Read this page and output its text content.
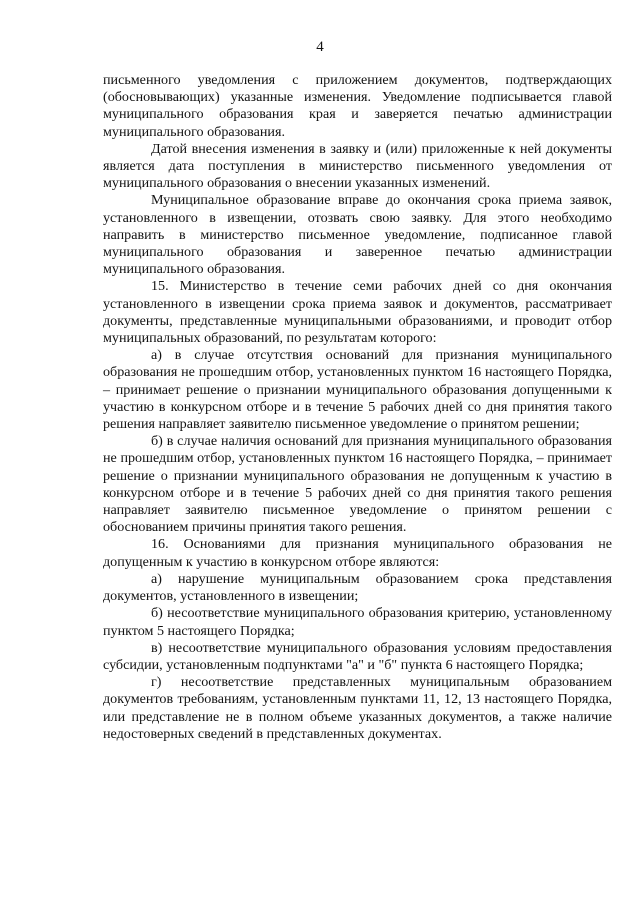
4

письменного уведомления с приложением документов, подтверждающих (обосновывающих) указанные изменения. Уведомление подписывается главой муниципального образования края и заверяется печатью администрации муниципального образования.

Датой внесения изменения в заявку и (или) приложенные к ней документы является дата поступления в министерство письменного уведомления от муниципального образования о внесении указанных изменений.

Муниципальное образование вправе до окончания срока приема заявок, установленного в извещении, отозвать свою заявку. Для этого необходимо направить в министерство письменное уведомление, подписанное главой муниципального образования и заверенное печатью администрации муниципального образования.

15. Министерство в течение семи рабочих дней со дня окончания установленного в извещении срока приема заявок и документов, рассматривает документы, представленные муниципальными образованиями, и проводит отбор муниципальных образований, по результатам которого:

а) в случае отсутствия оснований для признания муниципального образования не прошедшим отбор, установленных пунктом 16 настоящего Порядка, – принимает решение о признании муниципального образования допущенными к участию в конкурсном отборе и в течение 5 рабочих дней со дня принятия такого решения направляет заявителю письменное уведомление о принятом решении;

б) в случае наличия оснований для признания муниципального образования не прошедшим отбор, установленных пунктом 16 настоящего Порядка, – принимает решение о признании муниципального образования не допущенным к участию в конкурсном отборе и в течение 5 рабочих дней со дня принятия такого решения направляет заявителю письменное уведомление о принятом решении с обоснованием причины принятия такого решения.

16. Основаниями для признания муниципального образования не допущенным к участию в конкурсном отборе являются:

а) нарушение муниципальным образованием срока представления документов, установленного в извещении;

б) несоответствие муниципального образования критерию, установленному пунктом 5 настоящего Порядка;

в) несоответствие муниципального образования условиям предоставления субсидии, установленным подпунктами "а" и "б" пункта 6 настоящего Порядка;

г) несоответствие представленных муниципальным образованием документов требованиям, установленным пунктами 11, 12, 13 настоящего Порядка, или представление не в полном объеме указанных документов, а также наличие недостоверных сведений в представленных документах.
